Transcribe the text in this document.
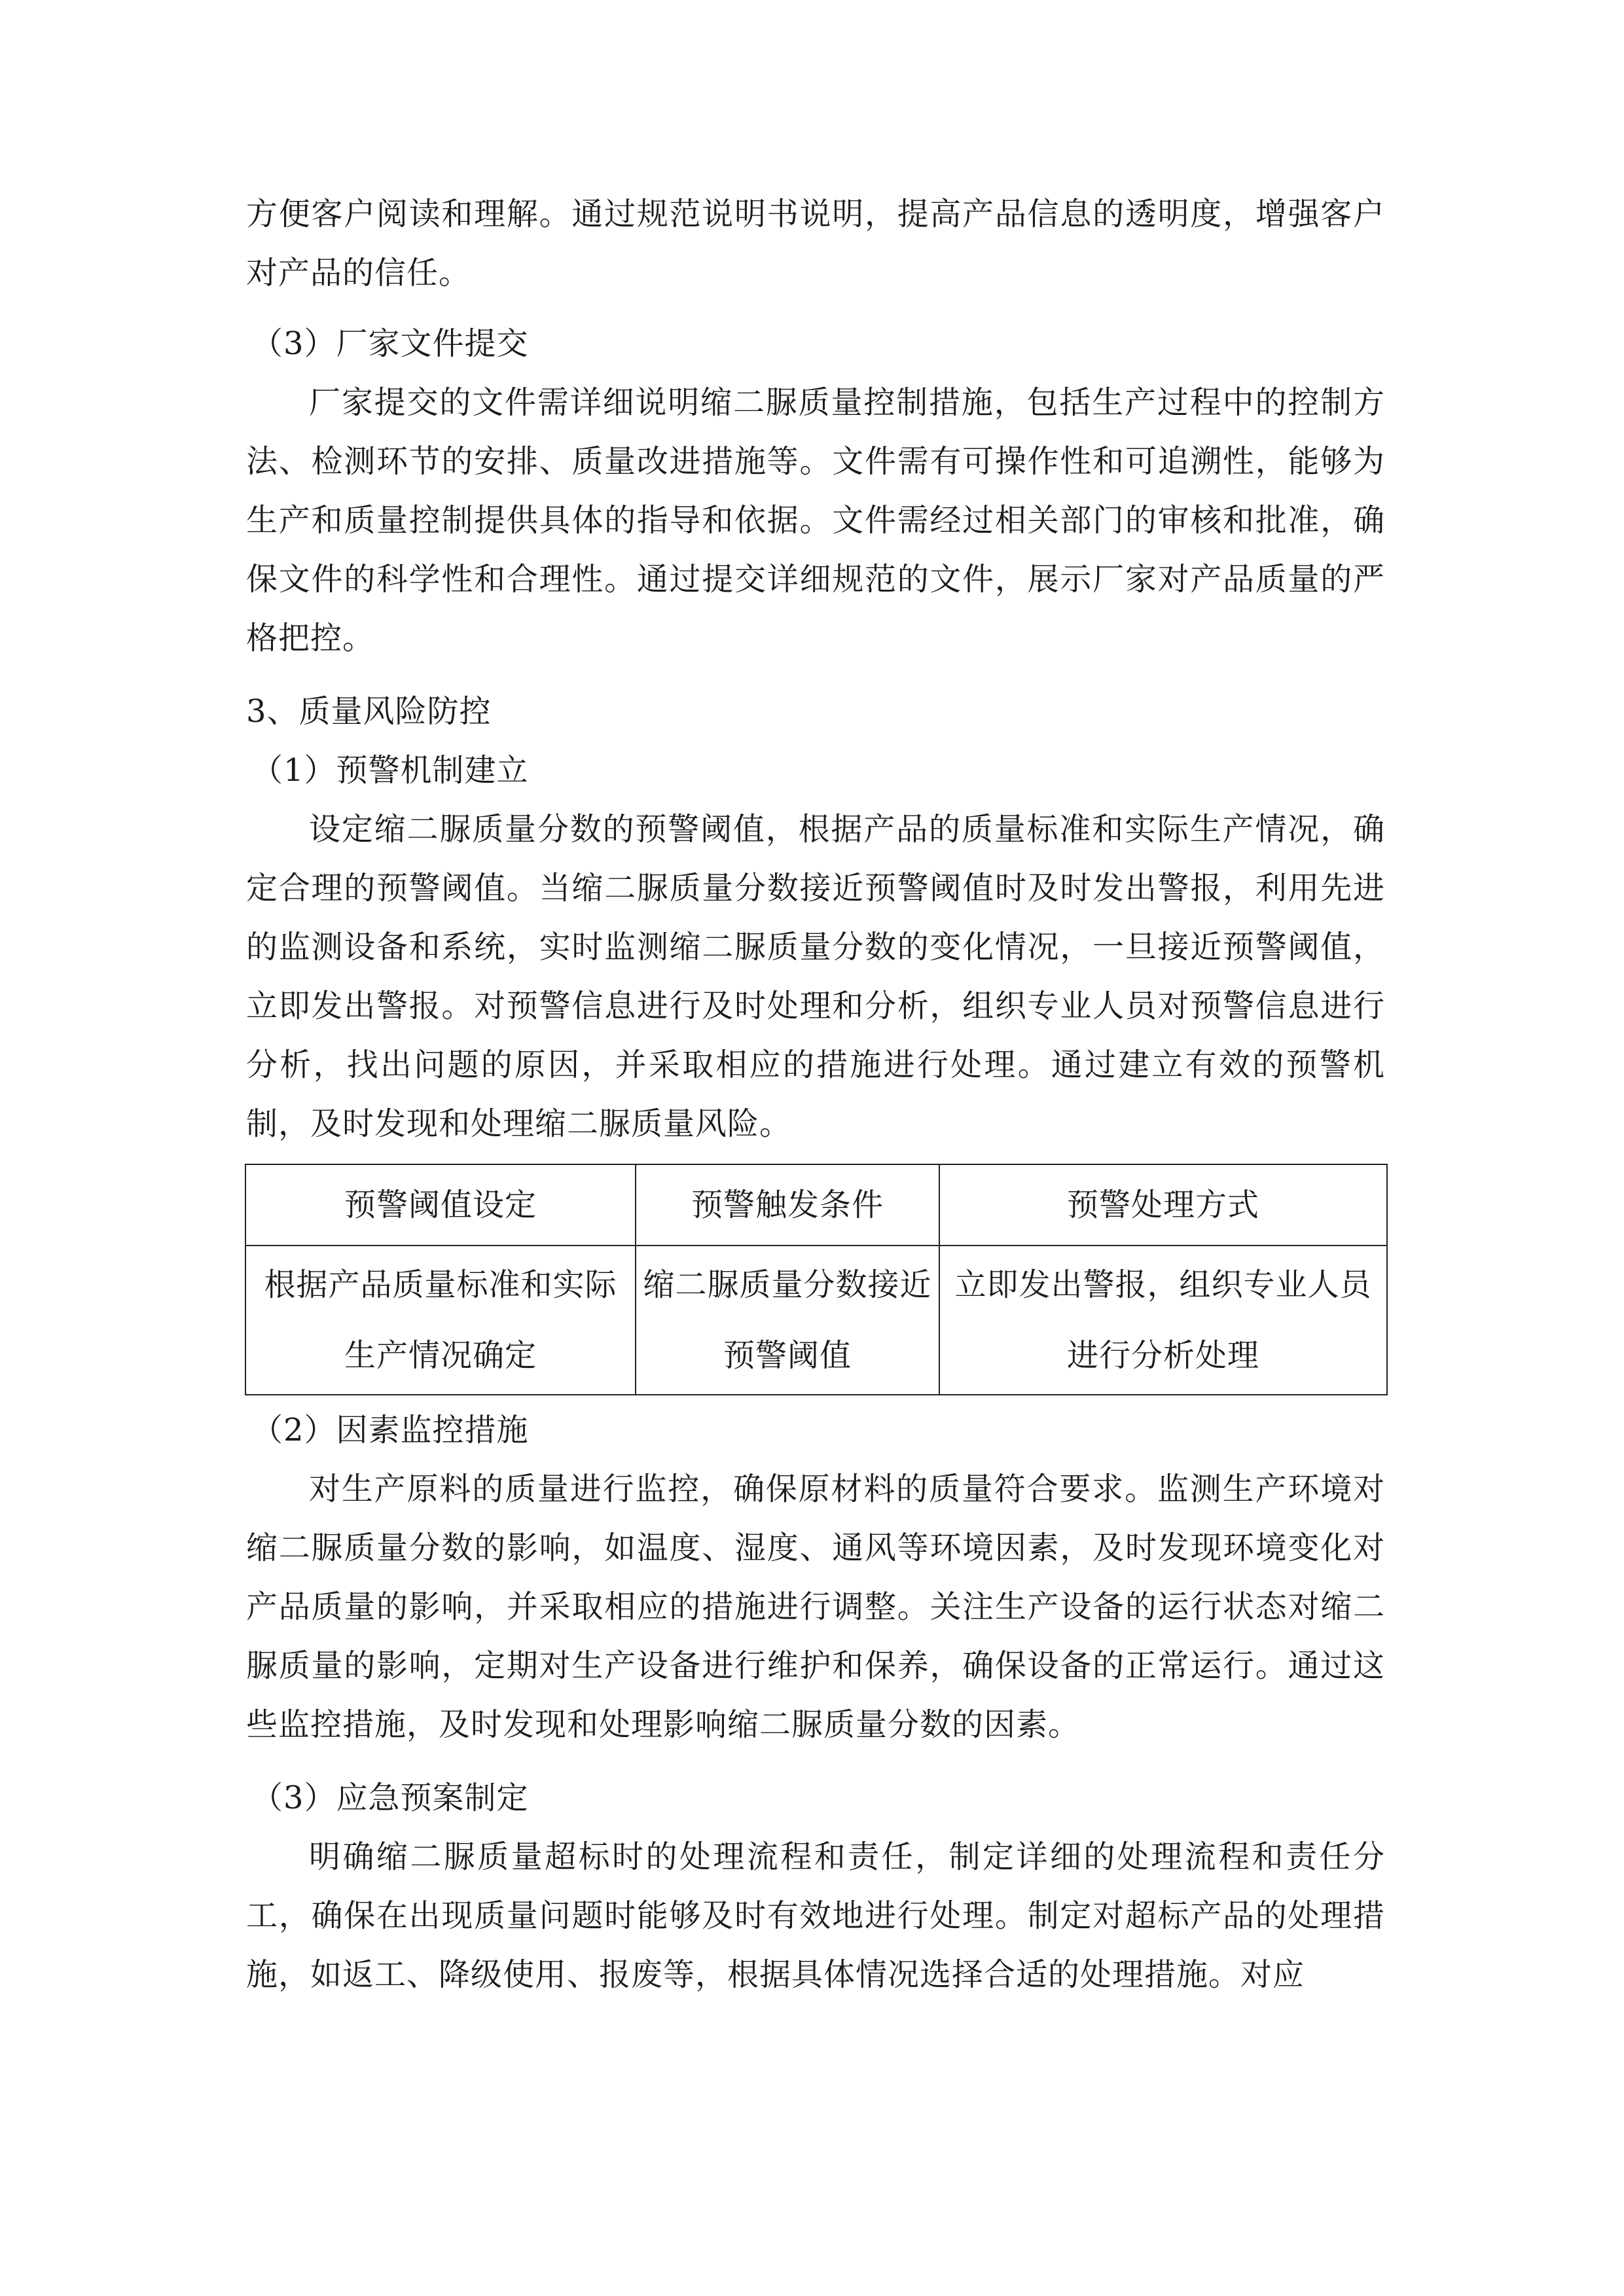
方便客户阅读和理解。通过规范说明书说明，提高产品信息的透明度，增强客户对产品的信任。

（3）厂家文件提交

厂家提交的文件需详细说明缩二脲质量控制措施，包括生产过程中的控制方法、检测环节的安排、质量改进措施等。文件需有可操作性和可追溯性，能够为生产和质量控制提供具体的指导和依据。文件需经过相关部门的审核和批准，确保文件的科学性和合理性。通过提交详细规范的文件，展示厂家对产品质量的严格把控。

3、质量风险防控

（1）预警机制建立

设定缩二脲质量分数的预警阈值，根据产品的质量标准和实际生产情况，确定合理的预警阈值。当缩二脲质量分数接近预警阈值时及时发出警报，利用先进的监测设备和系统，实时监测缩二脲质量分数的变化情况，一旦接近预警阈值，立即发出警报。对预警信息进行及时处理和分析，组织专业人员对预警信息进行分析，找出问题的原因，并采取相应的措施进行处理。通过建立有效的预警机制，及时发现和处理缩二脲质量风险。

预警阈值设定	预警触发条件	预警处理方式
根据产品质量标准和实际生产情况确定	缩二脲质量分数接近预警阈值	立即发出警报，组织专业人员进行分析处理

（2）因素监控措施

对生产原料的质量进行监控，确保原材料的质量符合要求。监测生产环境对缩二脲质量分数的影响，如温度、湿度、通风等环境因素，及时发现环境变化对产品质量的影响，并采取相应的措施进行调整。关注生产设备的运行状态对缩二脲质量的影响，定期对生产设备进行维护和保养，确保设备的正常运行。通过这些监控措施，及时发现和处理影响缩二脲质量分数的因素。

（3）应急预案制定

明确缩二脲质量超标时的处理流程和责任，制定详细的处理流程和责任分工，确保在出现质量问题时能够及时有效地进行处理。制定对超标产品的处理措施，如返工、降级使用、报废等，根据具体情况选择合适的处理措施。对应
